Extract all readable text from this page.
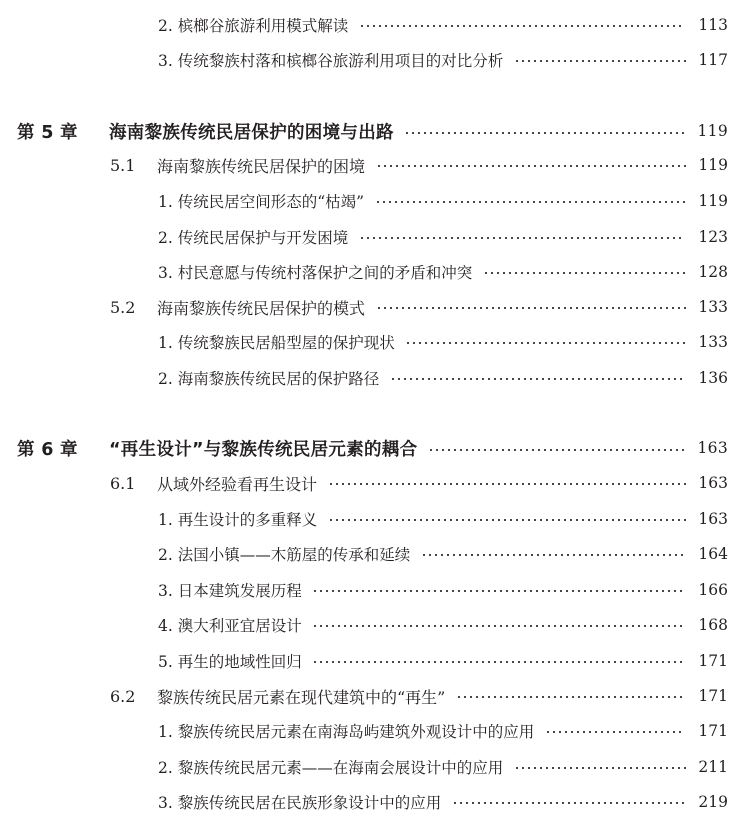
2. 槟榔谷旅游利用模式解读	113
3. 传统黎族村落和槟榔谷旅游利用项目的对比分析	117
第 5 章 海南黎族传统民居保护的困境与出路	119
5.1 海南黎族传统民居保护的困境	119
1. 传统民居空间形态的“枯竭”	119
2. 传统民居保护与开发困境	123
3. 村民意愿与传统村落保护之间的矛盾和冲突	128
5.2 海南黎族传统民居保护的模式	133
1. 传统黎族民居船型屋的保护现状	133
2. 海南黎族传统民居的保护路径	136
第 6 章 “再生设计”与黎族传统民居元素的耦合	163
6.1 从域外经验看再生设计	163
1. 再生设计的多重释义	163
2. 法国小镇——木筋屋的传承和延续	164
3. 日本建筑发展历程	166
4. 澳大利亚宜居设计	168
5. 再生的地域性回归	171
6.2 黎族传统民居元素在现代建筑中的“再生”	171
1. 黎族传统民居元素在南海岛屿建筑外观设计中的应用	171
2. 黎族传统民居元素——在海南会展设计中的应用	211
3. 黎族传统民居在民族形象设计中的应用	219
